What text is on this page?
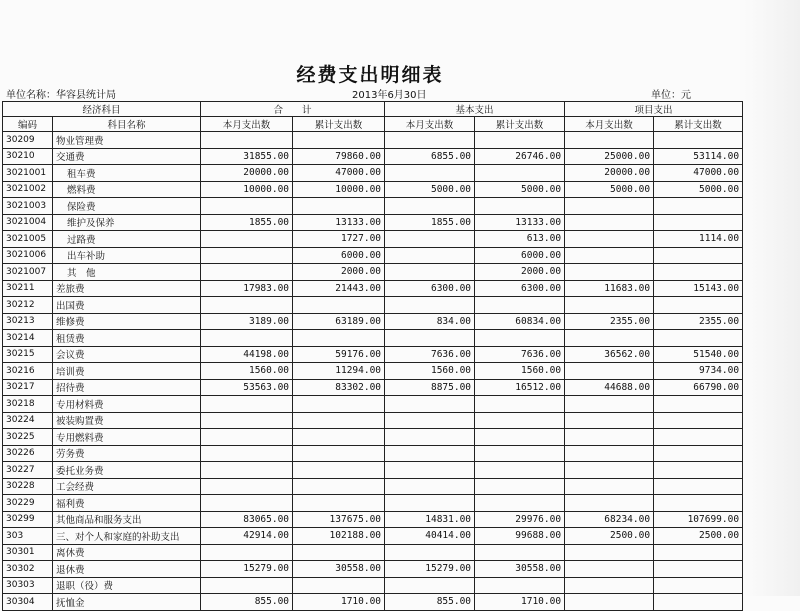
经费支出明细表
单位名称：华容县统计局	2013年6月30日	单位：元
经济科目		合　　计		基本支出		项目支出	
编码	科目名称	本月支出数	累计支出数	本月支出数	累计支出数	本月支出数	累计支出数
30209	物业管理费						
30210	交通费	31855.00	79860.00	6855.00	26746.00	25000.00	53114.00
3021001	租车费	20000.00	47000.00			20000.00	47000.00
3021002	燃料费	10000.00	10000.00	5000.00	5000.00	5000.00	5000.00
3021003	保险费						
3021004	维护及保养	1855.00	13133.00	1855.00	13133.00		
3021005	过路费		1727.00		613.00		1114.00
3021006	出车补助		6000.00		6000.00		
3021007	其　他		2000.00		2000.00		
30211	差旅费	17983.00	21443.00	6300.00	6300.00	11683.00	15143.00
30212	出国费						
30213	维修费	3189.00	63189.00	834.00	60834.00	2355.00	2355.00
30214	租赁费						
30215	会议费	44198.00	59176.00	7636.00	7636.00	36562.00	51540.00
30216	培训费	1560.00	11294.00	1560.00	1560.00		9734.00
30217	招待费	53563.00	83302.00	8875.00	16512.00	44688.00	66790.00
30218	专用材料费						
30224	被装购置费						
30225	专用燃料费						
30226	劳务费						
30227	委托业务费						
30228	工会经费						
30229	福利费						
30299	其他商品和服务支出	83065.00	137675.00	14831.00	29976.00	68234.00	107699.00
303	三、对个人和家庭的补助支出	42914.00	102188.00	40414.00	99688.00	2500.00	2500.00
30301	离休费						
30302	退休费	15279.00	30558.00	15279.00	30558.00		
30303	退职（役）费						
30304	抚恤金	855.00	1710.00	855.00	1710.00		
